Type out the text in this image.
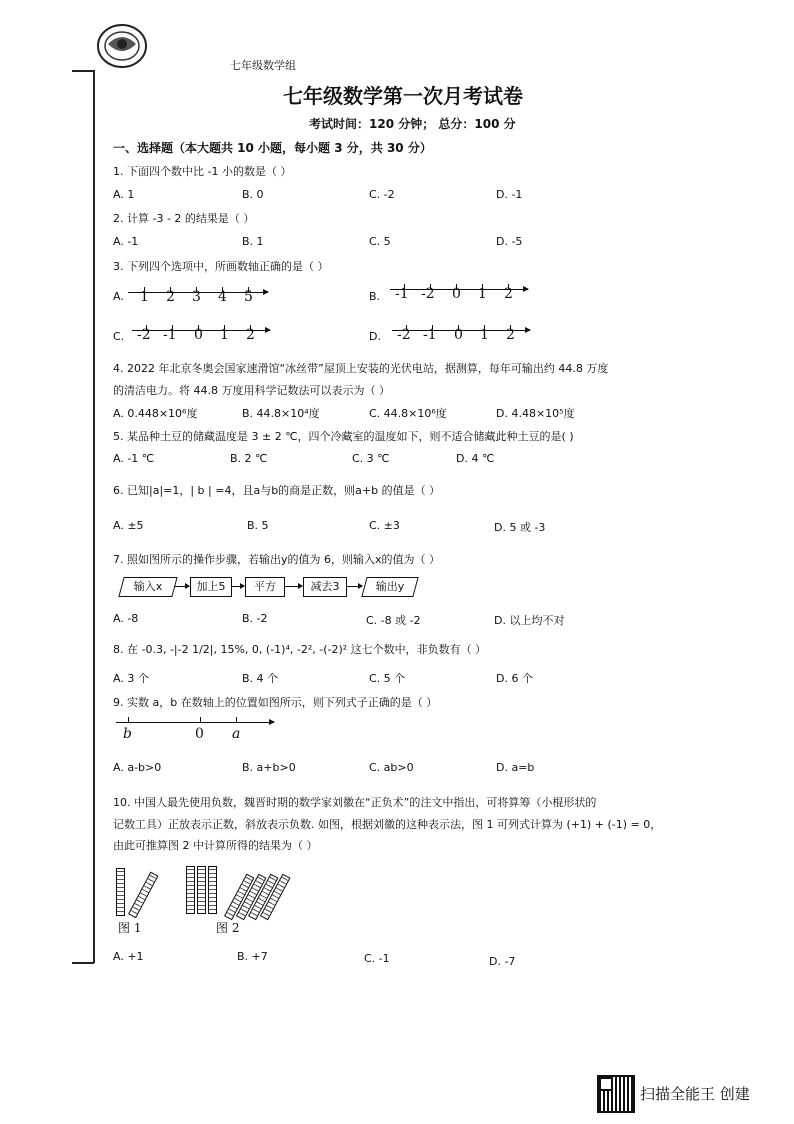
七年级数学组
七年级数学第一次月考试卷
考试时间：120 分钟； 总分：100 分
一、选择题（本大题共 10 小题，每小题 3 分，共 30 分）
1. 下面四个数中比 -1 小的数是（ ）
A. 1	B. 0	C. -2	D. -1
2. 计算 -3 - 2 的结果是（ ）
A. -1	B. 1	C. 5	D. -5
3. 下列四个选项中，所画数轴正确的是（ ）
A. 1 2 3 4 5	B. -1 -2 0 1 2
C. -2 -1 0 1 2	D. -2 -1 0 1 2
4. 2022 年北京冬奥会国家速滑馆“冰丝带”屋顶上安装的光伏电站，据测算，每年可输出约 44.8 万度
的清洁电力。将 44.8 万度用科学记数法可以表示为（ ）
A. 0.448×10⁶度	B. 44.8×10⁴度	C. 44.8×10⁶度	D. 4.48×10⁵度
5. 某品种土豆的储藏温度是 3 ± 2 ℃，四个冷藏室的温度如下，则不适合储藏此种土豆的是( )
A. -1 ℃	B. 2 ℃	C. 3 ℃	D. 4 ℃
6. 已知|a|=1，| b | =4，且a与b的商是正数，则a+b 的值是（ ）
A. ±5	B. 5	C. ±3	D. 5 或 -3
7. 照如图所示的操作步骤，若输出y的值为 6，则输入x的值为（ ）
输入x	加上5	平方	减去3	输出y
A. -8	B. -2	C. -8 或 -2	D. 以上均不对
8. 在 -0.3, -|-2 1/2|, 15%, 0, (-1)⁴, -2², -(-2)² 这七个数中，非负数有（ ）
A. 3 个	B. 4 个	C. 5 个	D. 6 个
9. 实数 a，b 在数轴上的位置如图所示，则下列式子正确的是（ ）
b	0 a
A. a-b>0	B. a+b>0	C. ab>0	D. a=b
10. 中国人最先使用负数，魏晋时期的数学家刘徽在“正负术”的注文中指出，可将算筹（小棍形状的
记数工具）正放表示正数，斜放表示负数. 如图，根据刘徽的这种表示法，图 1 可列式计算为 (+1) + (-1) = 0，
由此可推算图 2 中计算所得的结果为（ ）
图 1	图 2
A. +1	B. +7	C. -1	D. -7
扫描全能王 创建
